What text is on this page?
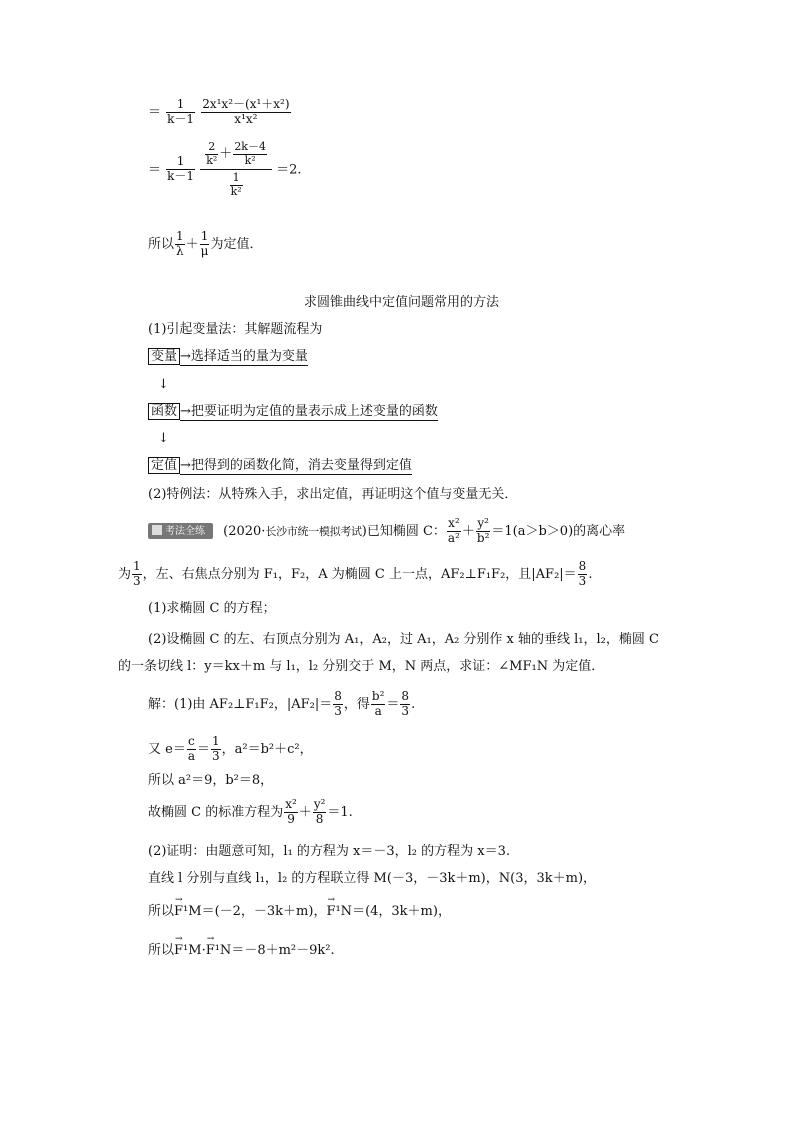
＝ $\frac{1}{k-1}$
$\frac{\text{2x¹x²－(x¹＋x²)}}{\text{x¹x²}}$
＝ $\frac{1}{k-1}$
$\frac{\frac{2}{\text{k²}} + \frac{2k-4}{\text{k²}}}{\frac{1}{\text{k²}}} =2$.
所以 $\frac{1}{\lambda} + \frac{1}{\mu}$ 为定值．
求圆锥曲线中定值问题常用的方法
(1)引起变量法：其解题流程为
变量 →选择适当的量为变量
↓
函数 →把要证明为定值的量表示成上述变量的函数
↓
定值 →把得到的函数化简，消去变量得到定值
(2)特例法：从特殊入手，求出定值，再证明这个值与变量无关．
考法全练 (2020·长沙市统一模拟考试)已知椭圆 C： $\frac{\text{x²}}{\text{a²}} + \frac{\text{y²}}{\text{b²}} =1(a>b>0)$的离心率
为 $\frac{1}{3}$ ，左、右焦点分别为 F₁，F₂，A 为椭圆 C 上一点，AF₂⊥F₁F₂，且$|AF_2|= \frac{8}{3}$ .
(1)求椭圆 C 的方程；
(2)设椭圆 C 的左、右顶点分别为 A₁，A₂，过 A₁，A₂ 分别作 x 轴的垂线 l₁，l₂，椭圆 C
的一条切线 l：y＝kx＋m 与 l₁，l₂ 分别交于 M，N 两点，求证：∠MF₁N 为定值．
解：(1)由 AF₂⊥F₁F₂，$|AF_2|= \frac{8}{3}$ ，得 $\frac{\text{b²}}{a} = \frac{8}{3}$ .
又 $e= \frac{c}{a} = \frac{1}{3}$ ，a²＝b²＋c²，
所以 a²＝9，b²＝8，
故椭圆 C 的标准方程为 $\frac{\text{x²}}{9} + \frac{\text{y²}}{8} =1$.
(2)证明：由题意可知，l₁ 的方程为 x＝－3，l₂ 的方程为 x＝3.
直线 l 分别与直线 l₁，l₂ 的方程联立得 M(－3，－3k＋m)，N(3，3k＋m)，
所以→ F¹M＝(－2，－3k＋m)，→ F¹N＝(4，3k＋m)，
所以→ F¹M·→ F¹N＝－8＋m²－9k².
